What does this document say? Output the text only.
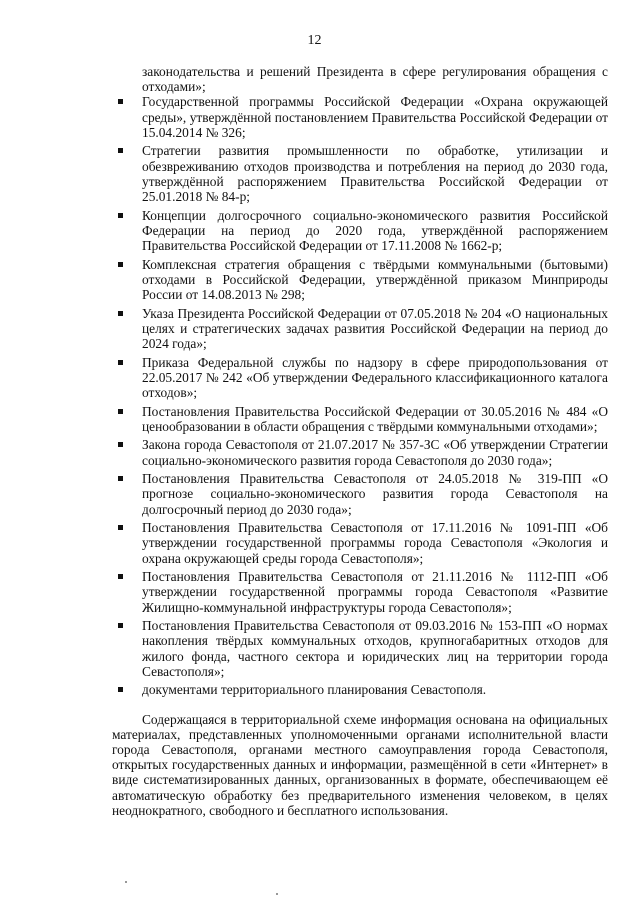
12

законодательства и решений Президента в сфере регулирования обращения с отходами»;

Государственной программы Российской Федерации «Охрана окружающей среды», утверждённой постановлением Правительства Российской Федерации от 15.04.2014 № 326;
Стратегии развития промышленности по обработке, утилизации и обезвреживанию отходов производства и потребления на период до 2030 года, утверждённой распоряжением Правительства Российской Федерации от 25.01.2018 № 84-р;
Концепции долгосрочного социально-экономического развития Российской Федерации на период до 2020 года, утверждённой распоряжением Правительства Российской Федерации от 17.11.2008 № 1662-р;
Комплексная стратегия обращения с твёрдыми коммунальными (бытовыми) отходами в Российской Федерации, утверждённой приказом Минприроды России от 14.08.2013 № 298;
Указа Президента Российской Федерации от 07.05.2018 № 204 «О национальных целях и стратегических задачах развития Российской Федерации на период до 2024 года»;
Приказа Федеральной службы по надзору в сфере природопользования от 22.05.2017 № 242 «Об утверждении Федерального классификационного каталога отходов»;
Постановления Правительства Российской Федерации от 30.05.2016 № 484 «О ценообразовании в области обращения с твёрдыми коммунальными отходами»;
Закона города Севастополя от 21.07.2017 № 357-ЗС «Об утверждении Стратегии социально-экономического развития города Севастополя до 2030 года»;
Постановления Правительства Севастополя от 24.05.2018 № 319-ПП «О прогнозе социально-экономического развития города Севастополя на долгосрочный период до 2030 года»;
Постановления Правительства Севастополя от 17.11.2016 № 1091-ПП «Об утверждении государственной программы города Севастополя «Экология и охрана окружающей среды города Севастополя»;
Постановления Правительства Севастополя от 21.11.2016 № 1112-ПП «Об утверждении государственной программы города Севастополя «Развитие Жилищно-коммунальной инфраструктуры города Севастополя»;
Постановления Правительства Севастополя от 09.03.2016 № 153-ПП «О нормах накопления твёрдых коммунальных отходов, крупногабаритных отходов для жилого фонда, частного сектора и юридических лиц на территории города Севастополя»;
документами территориального планирования Севастополя.

Содержащаяся в территориальной схеме информация основана на официальных материалах, представленных уполномоченными органами исполнительной власти города Севастополя, органами местного самоуправления города Севастополя, открытых государственных данных и информации, размещённой в сети «Интернет» в виде систематизированных данных, организованных в формате, обеспечивающем её автоматическую обработку без предварительного изменения человеком, в целях неоднократного, свободного и бесплатного использования.
